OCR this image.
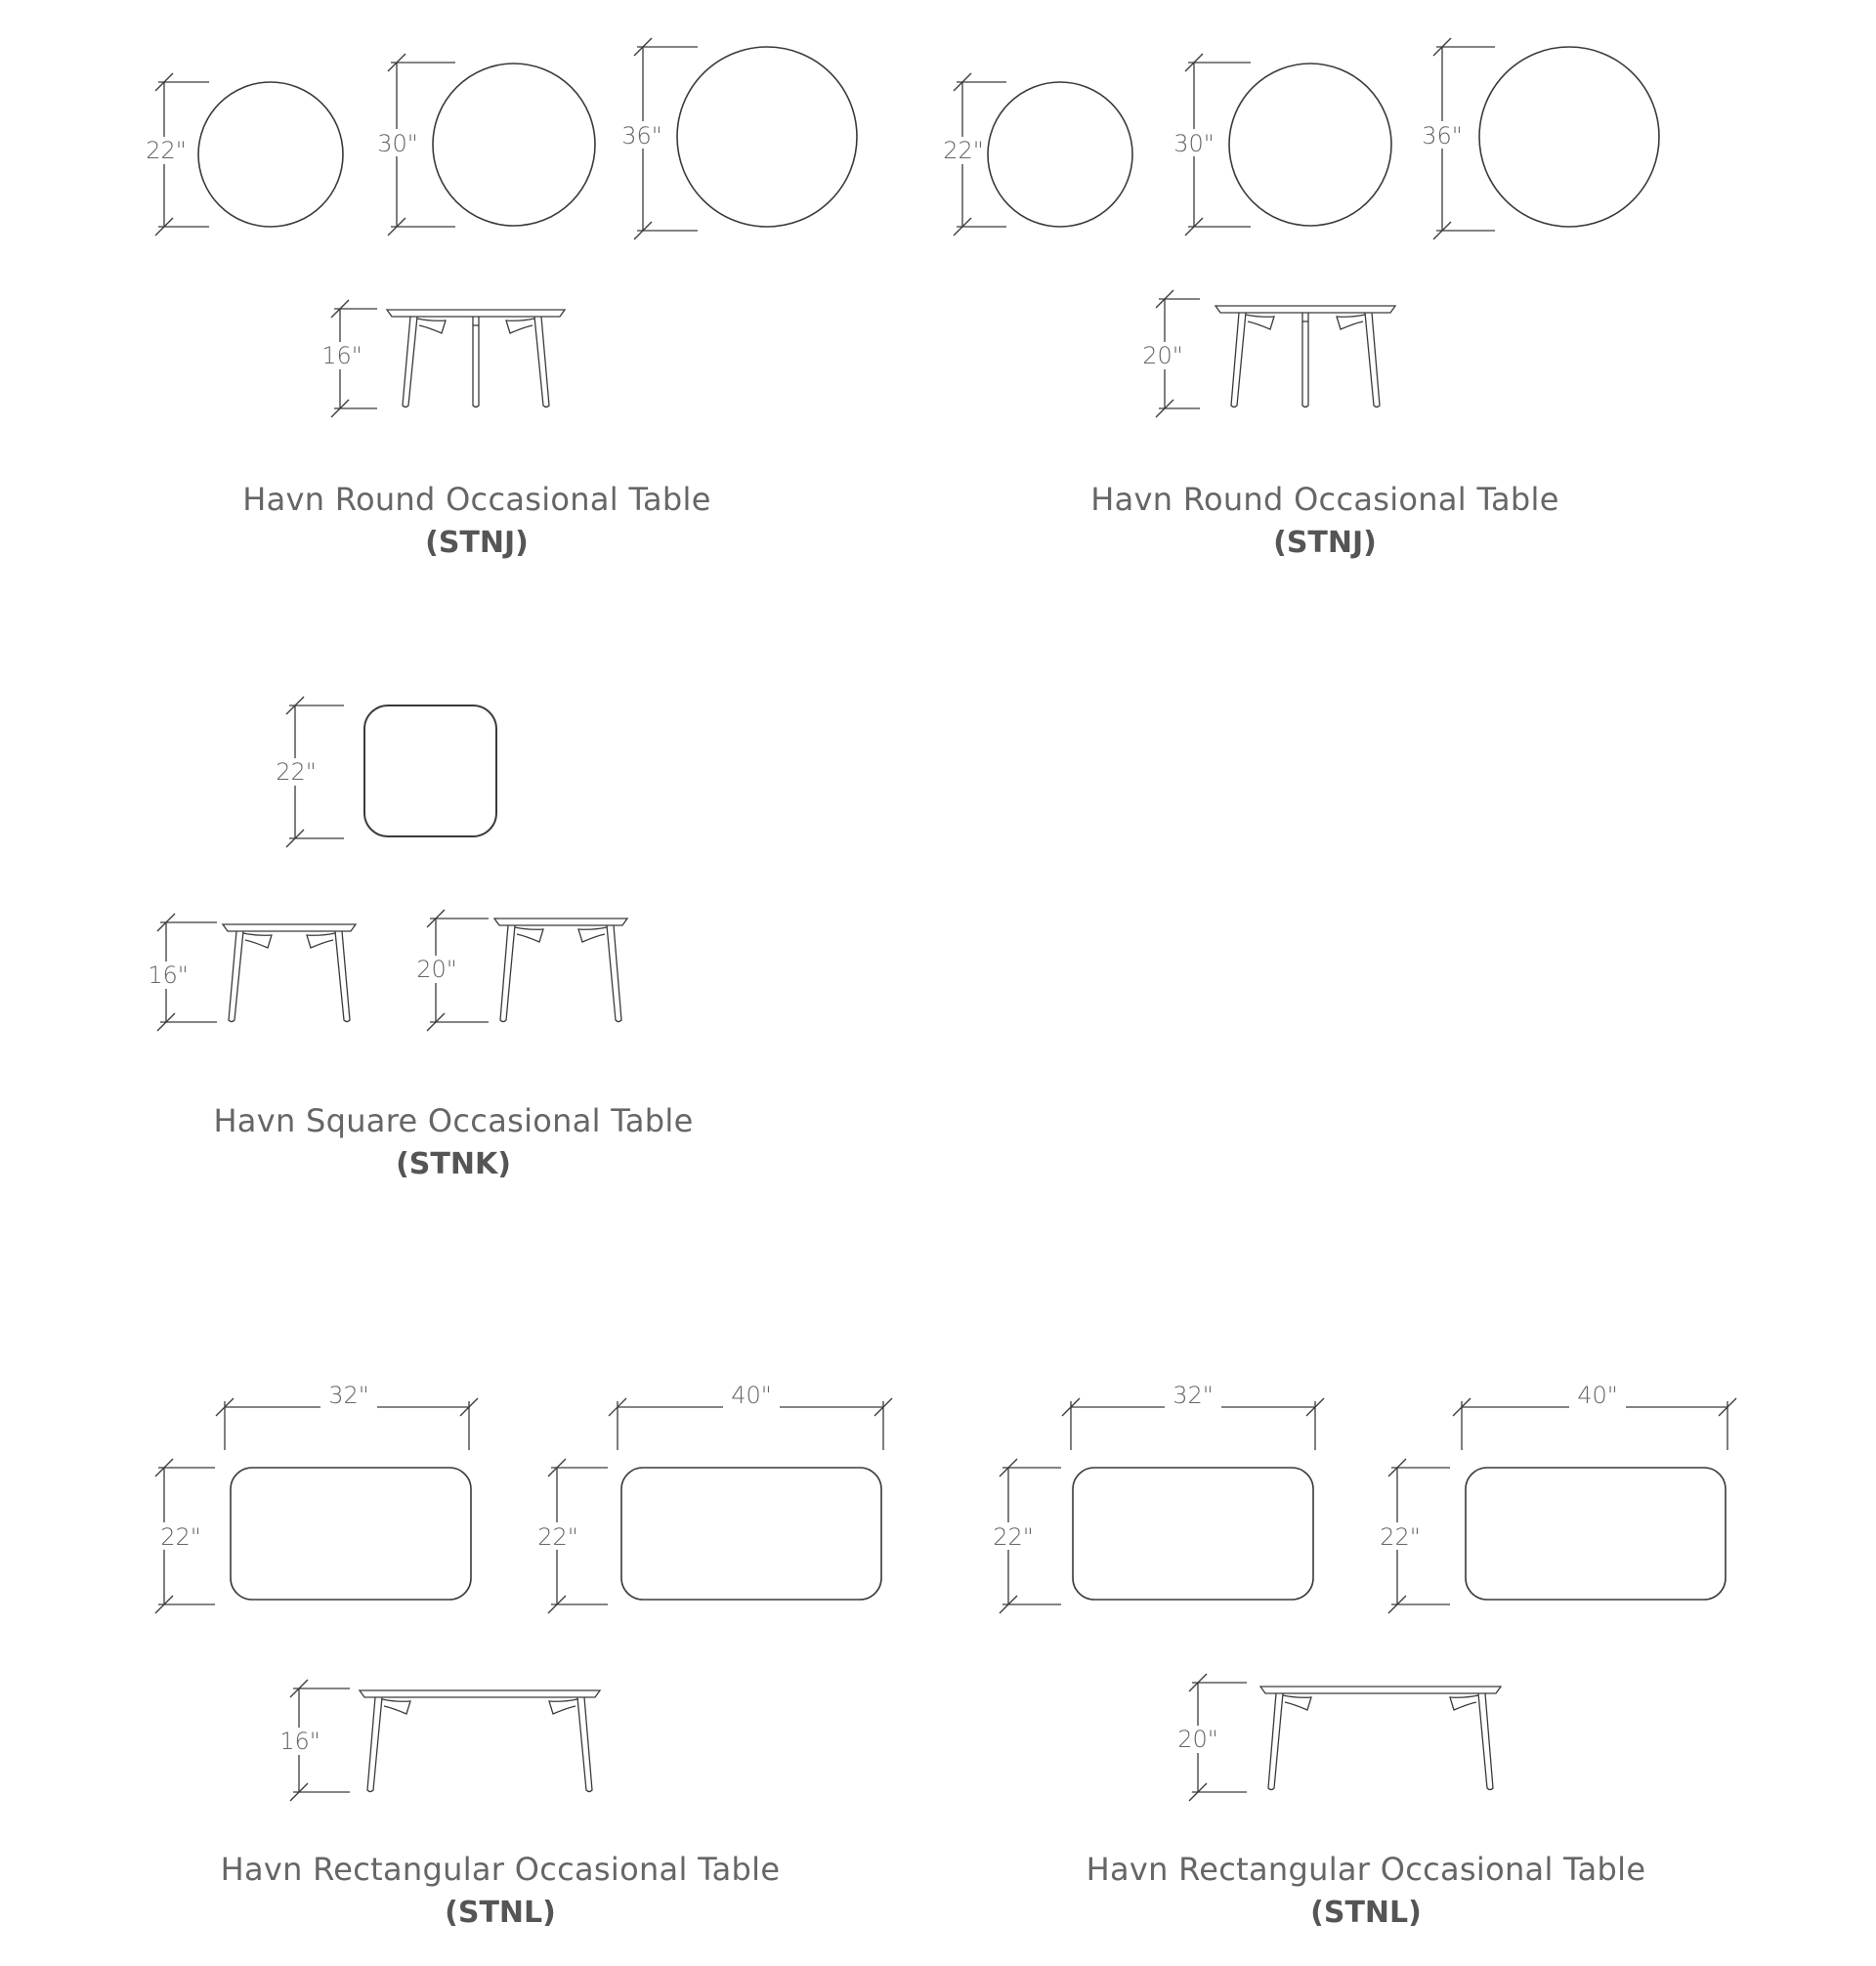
22"	30"	36"
16"
Havn Round Occasional Table
(STNJ)
22"	30"	36"
20"
Havn Round Occasional Table
(STNJ)
22"
16"	20"
Havn Square Occasional Table
(STNK)
32"
22"
40"
22"
16"
Havn Rectangular Occasional Table
(STNL)
32"
22"
40"
22"
20"
Havn Rectangular Occasional Table
(STNL)
